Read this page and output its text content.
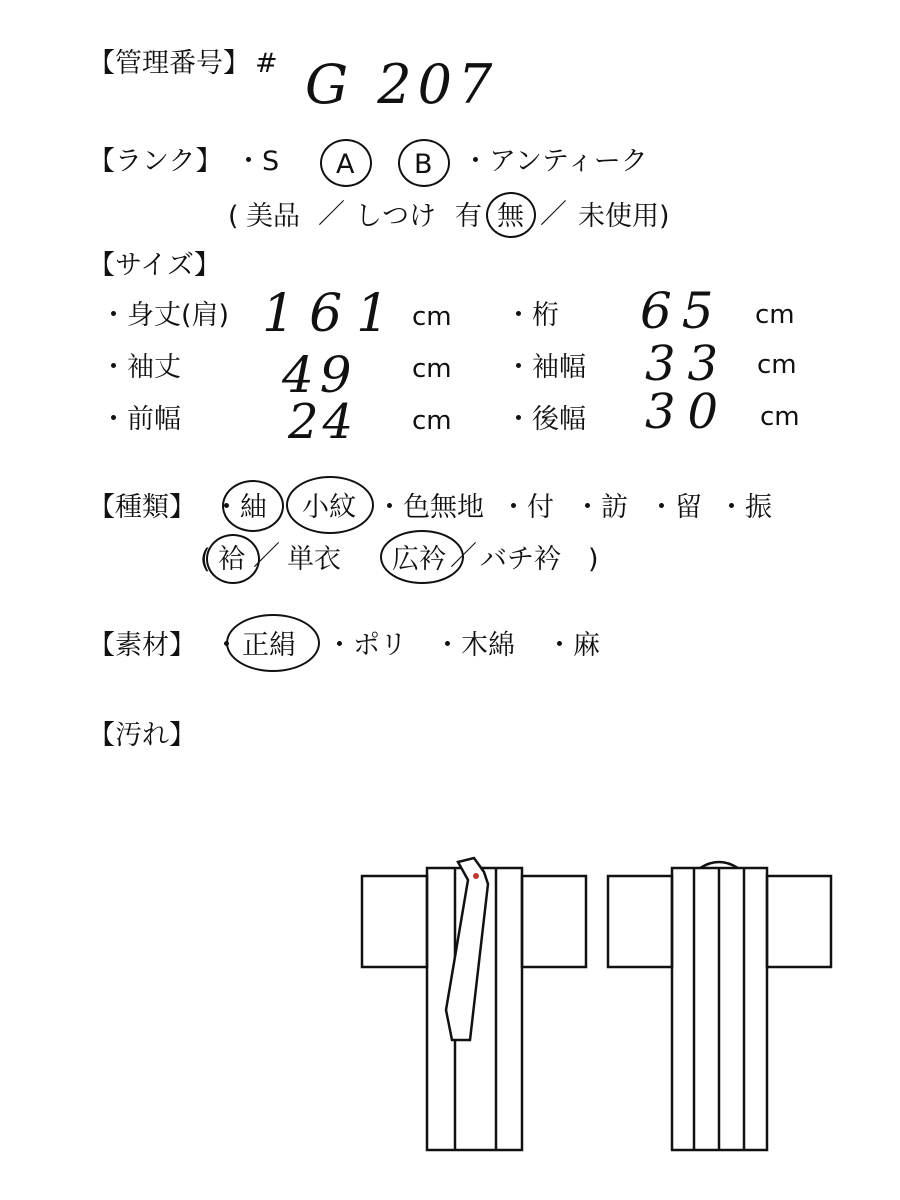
【管理番号】 # G 207
【ランク】 ・S A B ・アンティーク
( 美品 ／ しつけ 有 無 ／ 未使用)
【サイズ】
・身丈(肩) 161 cm ・桁 65 cm
・袖丈 49 cm ・袖幅 33 cm
・前幅 24 cm ・後幅 30 cm
【種類】 ・ 紬 小紋 ・色無地 ・付 ・訪 ・留 ・振
( 袷 ／ 単衣 広衿 ／ バチ衿 )
【素材】 ・ 正絹 ・ポリ ・木綿 ・麻
【汚れ】
